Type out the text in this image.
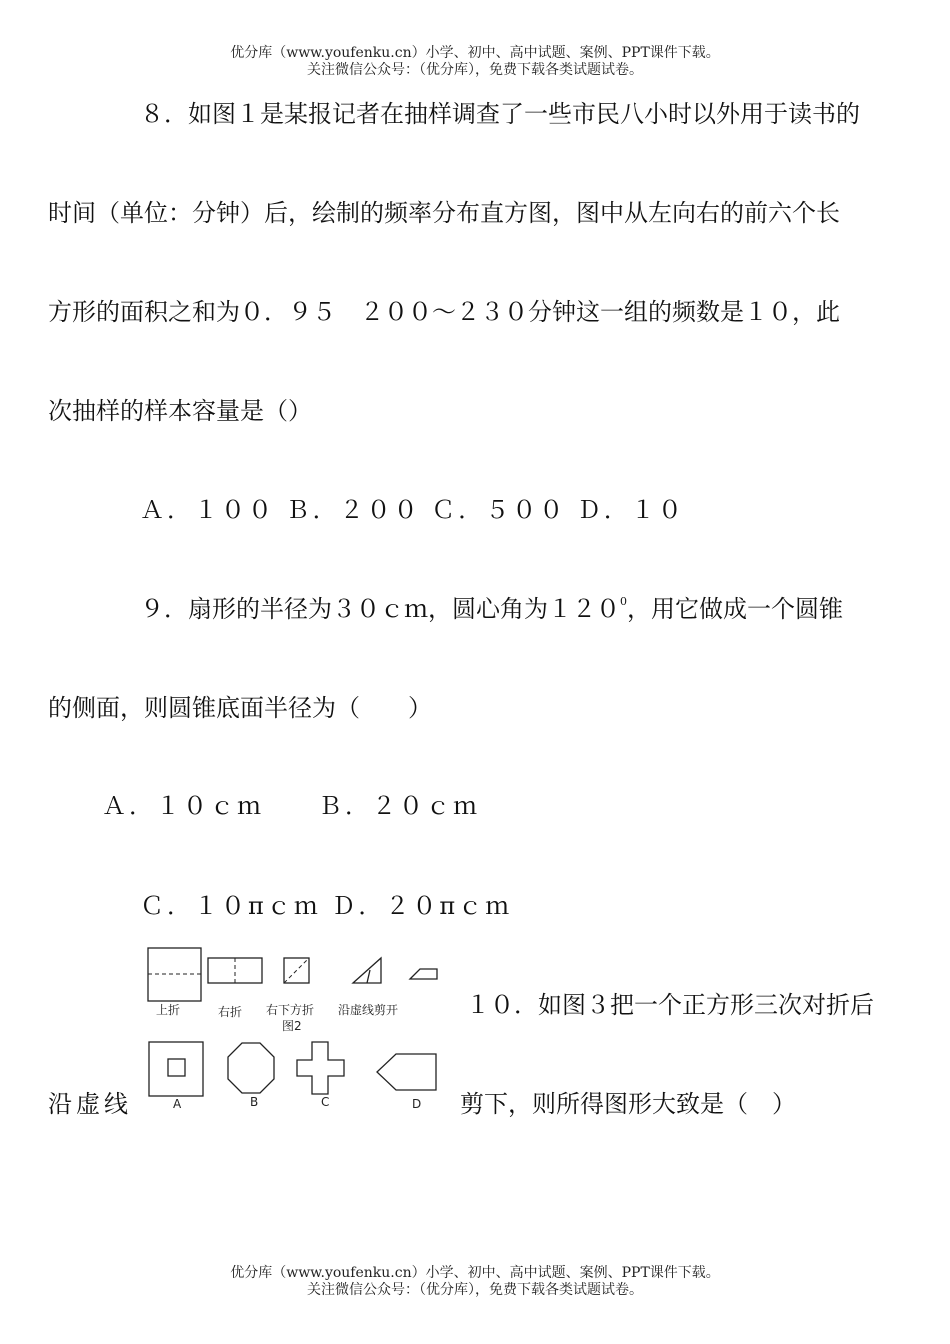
优分库（www.youfenku.cn）小学、初中、高中试题、案例、PPT课件下载。
关注微信公众号：（优分库），免费下载各类试题试卷。
８．如图１是某报记者在抽样调查了一些市民八小时以外用于读书的
时间（单位：分钟）后，绘制的频率分布直方图，图中从左向右的前六个长
方形的面积之和为０．９５　２００～２３０分钟这一组的频数是１０，此
次抽样的样本容量是（）
Ａ．１００ Ｂ．２００ Ｃ．５００ Ｄ．１０
９．扇形的半径为３０ｃｍ，圆心角为$120^0$，用它做成一个圆锥
的侧面，则圆锥底面半径为（　　）
Ａ．１０ｃｍ　　Ｂ．２０ｃｍ
Ｃ．１０πｃｍ Ｄ．２０πｃｍ
１０．如图３把一个正方形三次对折后
沿虚线	剪下，则所得图形大致是（　）
上折	右折 右下方折 沿虚线剪开
图2
A	B	C	D
优分库（www.youfenku.cn）小学、初中、高中试题、案例、PPT课件下载。
关注微信公众号：（优分库），免费下载各类试题试卷。
